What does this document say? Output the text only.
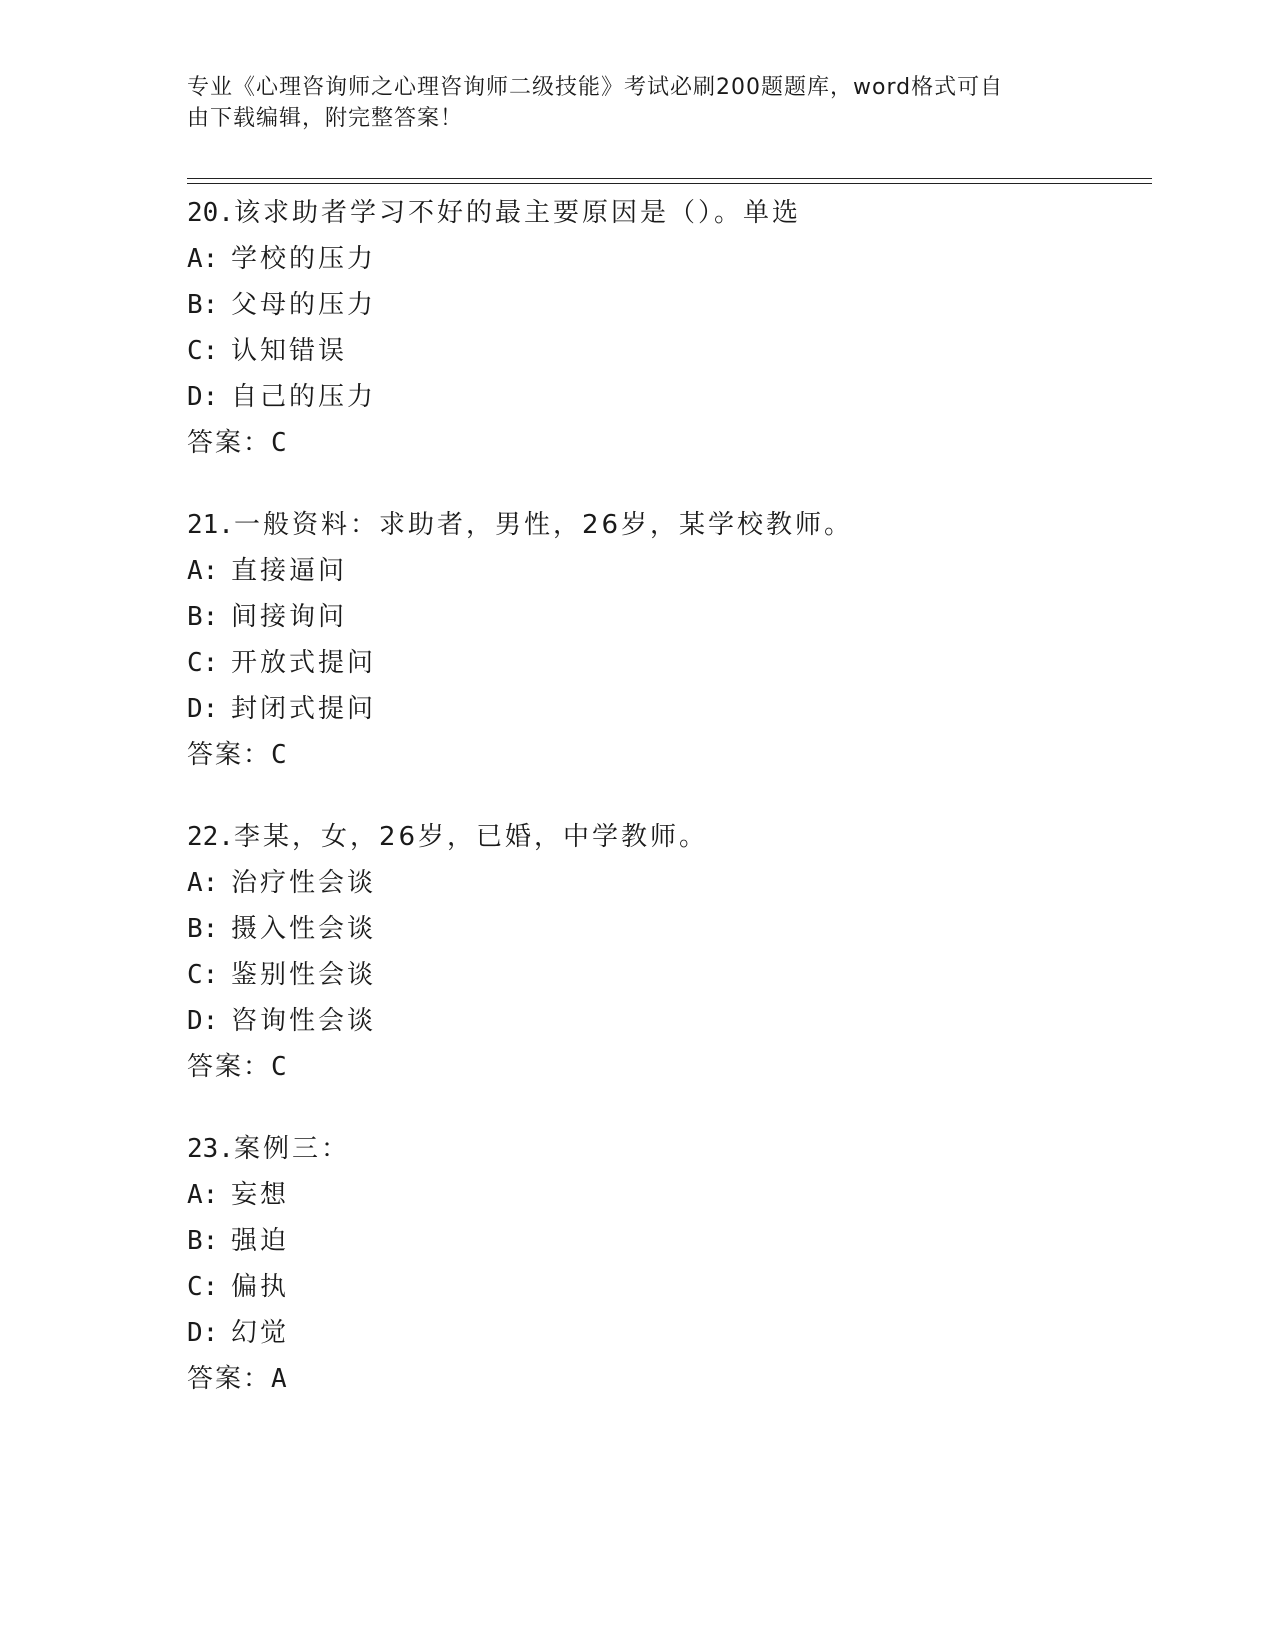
专业《心理咨询师之心理咨询师二级技能》考试必刷200题题库，word格式可自
由下载编辑，附完整答案！
20.该求助者学习不好的最主要原因是（）。单选
A: 学校的压力
B: 父母的压力
C: 认知错误
D: 自己的压力
答案：C
21.一般资料：求助者，男性，26岁，某学校教师。
A: 直接逼问
B: 间接询问
C: 开放式提问
D: 封闭式提问
答案：C
22.李某，女，26岁，已婚，中学教师。
A: 治疗性会谈
B: 摄入性会谈
C: 鉴别性会谈
D: 咨询性会谈
答案：C
23.案例三：
A: 妄想
B: 强迫
C: 偏执
D: 幻觉
答案：A
